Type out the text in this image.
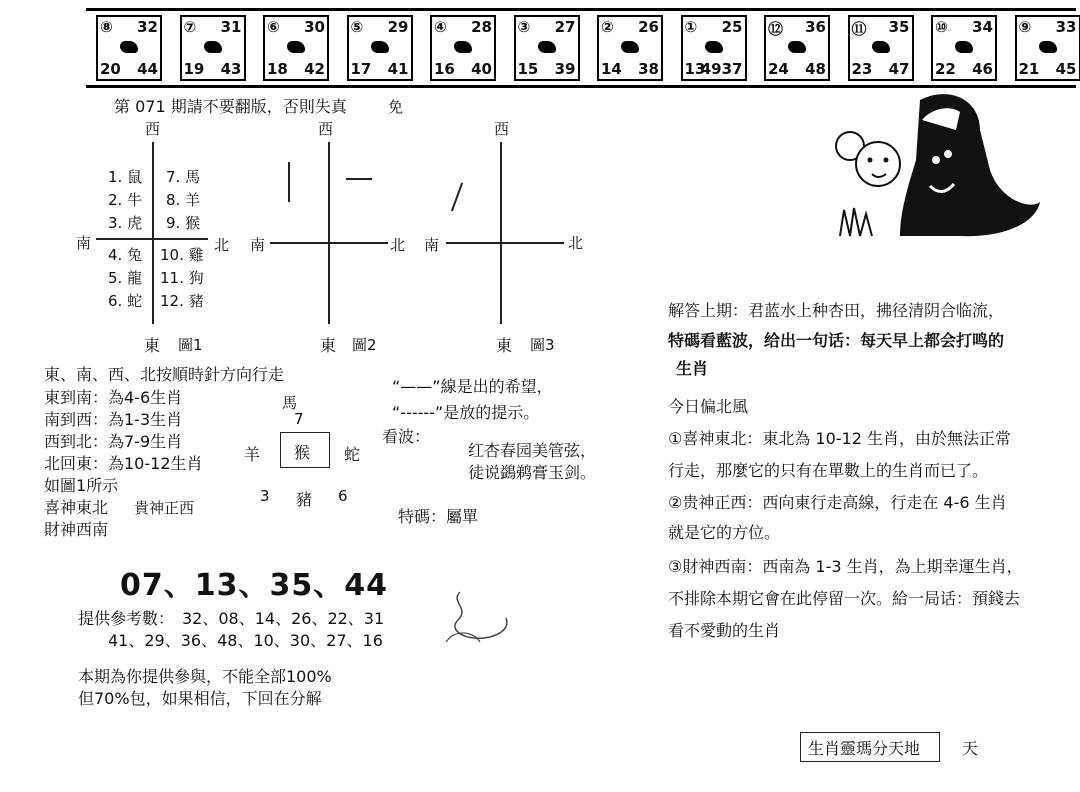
⑧ 32
20 44
⑦ 31
19 43
⑥ 30
18 42
⑤ 29
17 41
④ 28
16 40
③ 27
15 39
② 26
14 38
① 25
13
4937
⑫ 36
24 48
⑪ 35
23 47
⑩ 34
22 46
⑨ 33
21 45
第 071 期請不要翻版，否則失真	免
西
南	北
1. 鼠
2. 牛
3. 虎
4. 兔
5. 龍
6. 蛇
7. 馬
8. 羊
9. 猴
10. 雞
11. 狗
12. 豬
東 圖1
西
南	北
東 圖2
西
南	北
東 圖3
東、南、西、北按順時針方向行走
東到南：為4-6生肖
南到西：為1-3生肖
西到北：為7-9生肖
北回東：為10-12生肖
如圖1所示
喜神東北 貴神正西
財神西南
“——”線是出的希望，
“------”是放的提示。
馬
7
羊 猴 蛇
3 豬 6
看波：
红杏春园美管弦，
徒说鷁鹈膏玉剑。
特碼：屬單
07、13、35、44
提供參考數： 32、08、14、26、22、31
41、29、36、48、10、30、27、16
本期為你提供參與，不能全部100%
但70%包，如果相信，下回在分解
解答上期：君蓝水上种杏田，拂径清阴合临流，
特碼看藍波，给出一句话：每天早上都会打鸣的
生肖
今日偏北風
①喜神東北：東北為 10-12 生肖，由於無法正常
行走，那麼它的只有在單數上的生肖而已了。
②贵神正西：西向東行走高線，行走在 4-6 生肖
就是它的方位。
③財神西南：西南為 1-3 生肖，為上期幸運生肖，
不排除本期它會在此停留一次。給一局话：預錢去
看不愛動的生肖
生肖靈瑪分天地	天
